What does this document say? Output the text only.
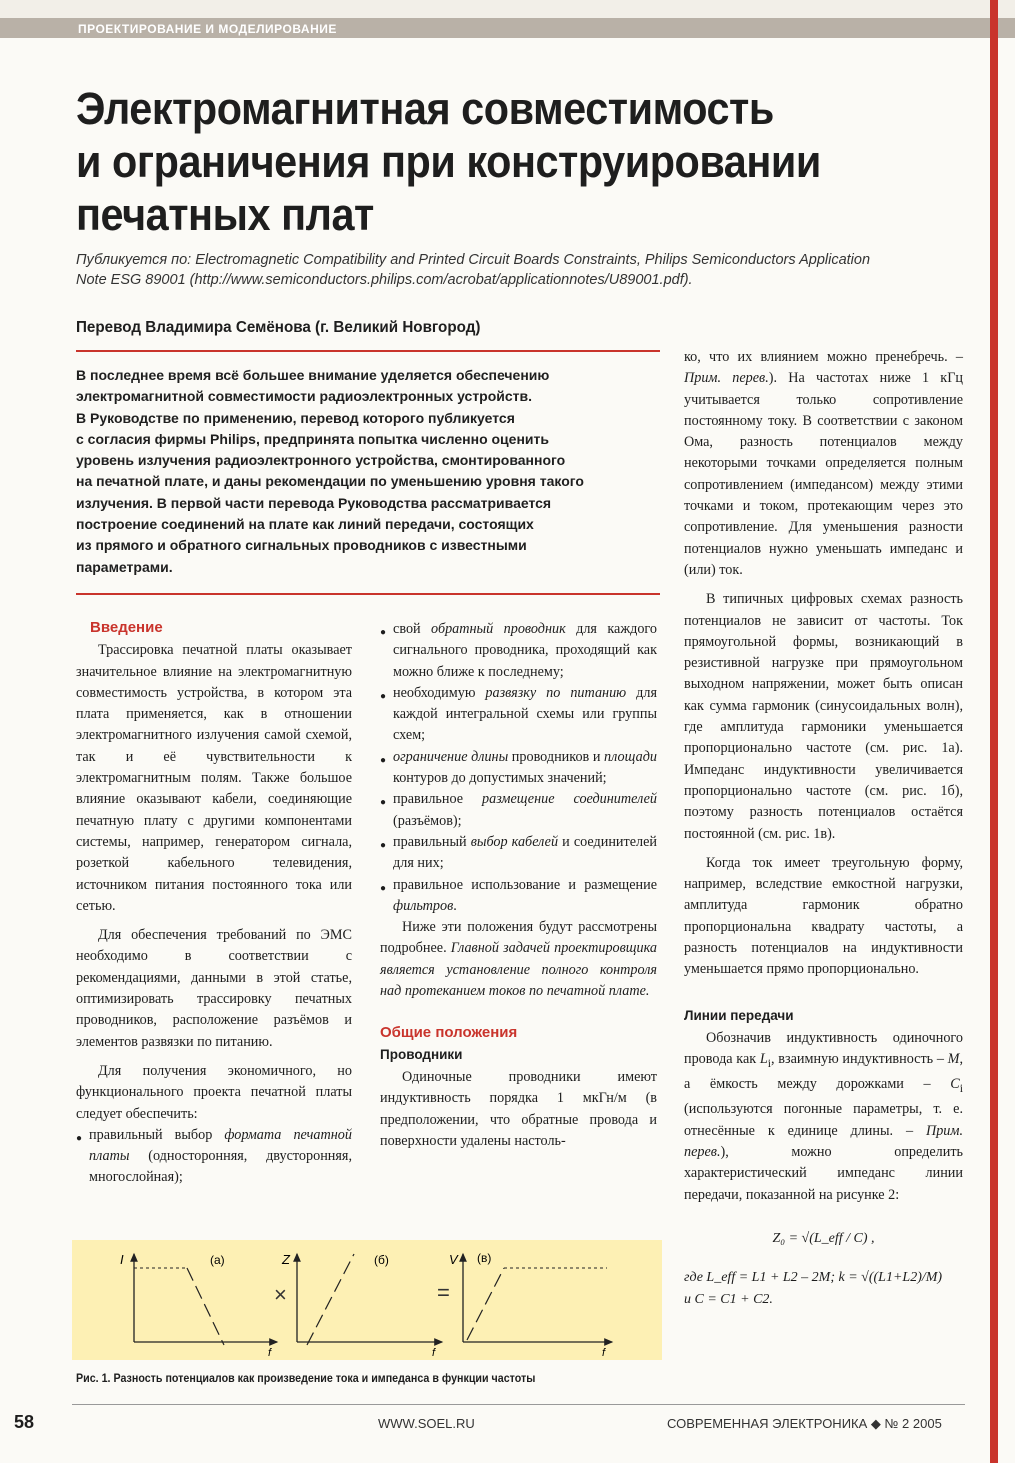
ПРОЕКТИРОВАНИЕ И МОДЕЛИРОВАНИЕ
Электромагнитная совместимость
и ограничения при конструировании
печатных плат
Публикуется по: Electromagnetic Compatibility and Printed Circuit Boards Constraints, Philips Semiconductors Application
Note ESG 89001 (http://www.semiconductors.philips.com/acrobat/applicationnotes/U89001.pdf).
Перевод Владимира Семёнова (г. Великий Новгород)
В последнее время всё большее внимание уделяется обеспечению
электромагнитной совместимости радиоэлектронных устройств.
В Руководстве по применению, перевод которого публикуется
с согласия фирмы Philips, предпринята попытка численно оценить
уровень излучения радиоэлектронного устройства, смонтированного
на печатной плате, и даны рекомендации по уменьшению уровня такого
излучения. В первой части перевода Руководства рассматривается
построение соединений на плате как линий передачи, состоящих
из прямого и обратного сигнальных проводников с известными
параметрами.
Введение

Трассировка печатной платы оказывает значительное влияние на электромагнитную совместимость устройства, в котором эта плата применяется, как в отношении электромагнитного излучения самой схемой, так и её чувствительности к электромагнитным полям. Также большое влияние оказывают кабели, соединяющие печатную плату с другими компонентами системы, например, генератором сигнала, розеткой кабельного телевидения, источником питания постоянного тока или сетью.

Для обеспечения требований по ЭМС необходимо в соответствии с рекомендациями, данными в этой статье, оптимизировать трассировку печатных проводников, расположение разъёмов и элементов развязки по питанию.

Для получения экономичного, но функционального проекта печатной платы следует обеспечить:

● правильный выбор формата печатной платы (односторонняя, двусторонняя, многослойная);
● свой обратный проводник для каждого сигнального проводника, проходящий как можно ближе к последнему;
● необходимую развязку по питанию для каждой интегральной схемы или группы схем;
● ограничение длины проводников и площади контуров до допустимых значений;
● правильное размещение соединителей (разъёмов);
● правильный выбор кабелей и соединителей для них;
● правильное использование и размещение фильтров.

Ниже эти положения будут рассмотрены подробнее. Главной задачей проектировщика является установление полного контроля над протеканием токов по печатной плате.

Общие положения
Проводники

Одиночные проводники имеют индуктивность порядка 1 мкГн/м (в предположении, что обратные провода и поверхности удалены настоль-

ко, что их влиянием можно пренебречь. – Прим. перев.). На частотах ниже 1 кГц учитывается только сопротивление постоянному току. В соответствии с законом Ома, разность потенциалов между некоторыми точками определяется полным сопротивлением (импедансом) между этими точками и током, протекающим через это сопротивление. Для уменьшения разности потенциалов нужно уменьшать импеданс и (или) ток.

В типичных цифровых схемах разность потенциалов не зависит от частоты. Ток прямоугольной формы, возникающий в резистивной нагрузке при прямоугольном выходном напряжении, может быть описан как сумма гармоник (синусоидальных волн), где амплитуда гармоники уменьшается пропорционально частоте (см. рис. 1а). Импеданс индуктивности увеличивается пропорционально частоте (см. рис. 1б), поэтому разность потенциалов остаётся постоянной (см. рис. 1в).

Когда ток имеет треугольную форму, например, вследствие емкостной нагрузки, амплитуда гармоник обратно пропорциональна квадрату частоты, а разность потенциалов на индуктивности уменьшается прямо пропорционально.

Линии передачи

Обозначив индуктивность одиночного провода как $L_i$, взаимную индуктивность – M, а ёмкость между дорожками – $C_i$ (используются погонные параметры, т. е. отнесённые к единице длины. – Прим. перев.), можно определить характеристический импеданс линии передачи, показанной на рисунке 2:

Z₀ = √(L_eff / C) ,
где L_eff = L1 + L2 – 2M; k = √((L1+L2)/M)
и C = C1 + C2.
I	(а)
f
×
Z	(б)
f
=
V (в)
f
Рис. 1. Разность потенциалов как произведение тока и импеданса в функции частоты
58	WWW.SOEL.RU	СОВРЕМЕННАЯ ЭЛЕКТРОНИКА ◆ № 2 2005
